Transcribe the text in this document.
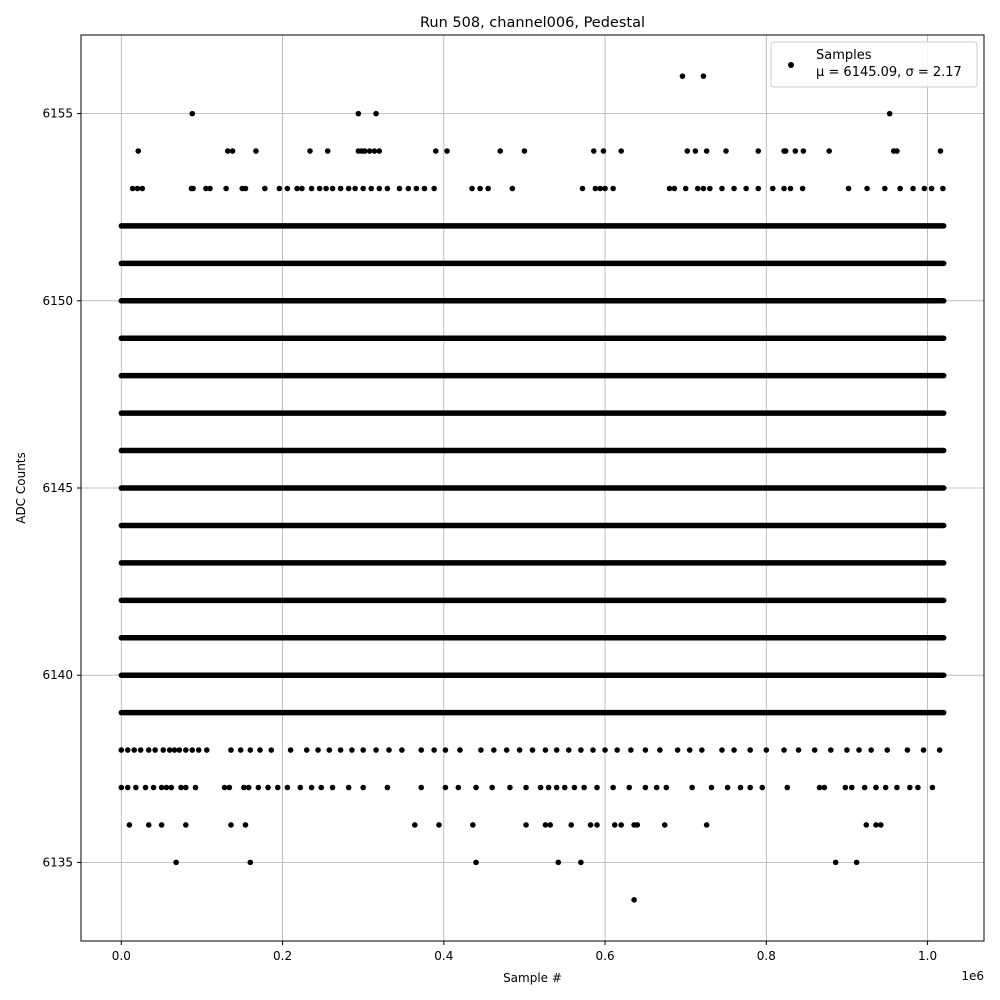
Run 508, channel006, Pedestal
0.0	0.2	0.4	0.6	0.8	1.0
6135
6140
6145
6150
6155
Sample #
ADC Counts
1e6
Samples
μ = 6145.09, σ = 2.17
